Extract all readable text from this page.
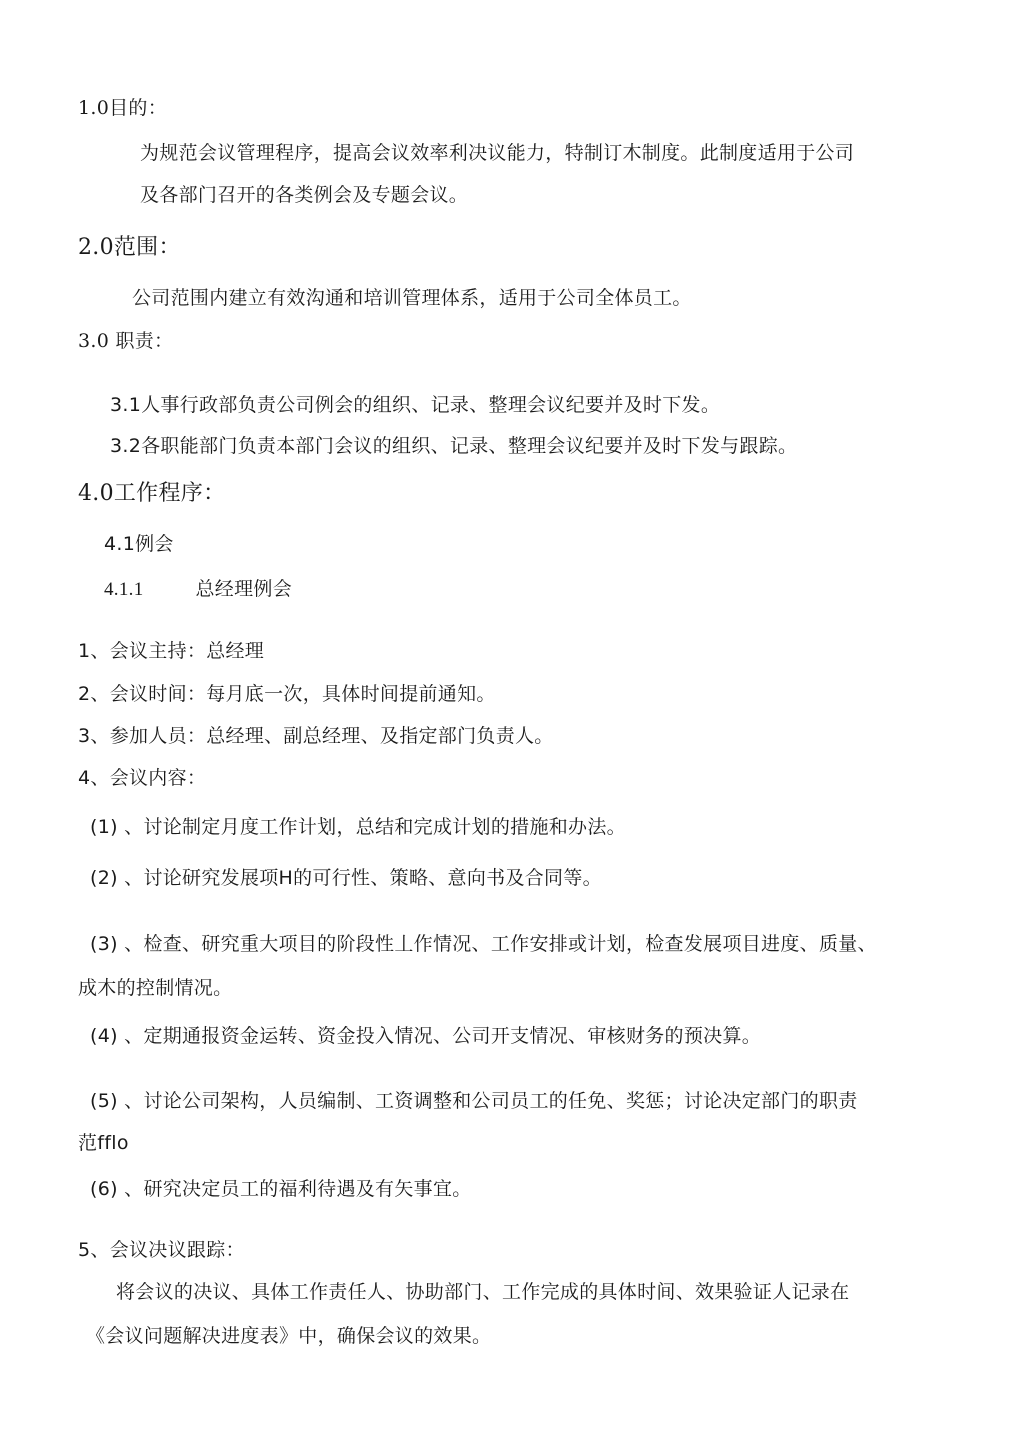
1.0目的：
为规范会议管理程序，提高会议效率利决议能力，特制订木制度。此制度适用于公司
及各部门召开的各类例会及专题会议。
2.0范围：
公司范围内建立有效沟通和培训管理体系，适用于公司全体员工。
3.0 职责：
3.1人事行政部负责公司例会的组织、记录、整理会议纪要并及时下发。
3.2各职能部门负责本部门会议的组织、记录、整理会议纪要并及时下发与跟踪。
4.0工作程序：
4.1例会
4.1.1	总经理例会
1、会议主持：总经理
2、会议时间：每月底一次，具体时间提前通知。
3、参加人员：总经理、副总经理、及指定部门负责人。
4、会议内容：
(1) 、讨论制定月度工作计划，总结和完成计划的措施和办法。
(2) 、讨论研究发展项H的可行性、策略、意向书及合同等。
(3) 、检查、研究重大项目的阶段性丄作情况、工作安排或计划，检查发展项目进度、质量、
成木的控制情况。
(4) 、定期通报资金运转、资金投入情况、公司开支情况、审核财务的预决算。
(5) 、讨论公司架构，人员编制、工资调整和公司员工的任免、奖惩；讨论决定部门的职责
范fflo
(6) 、研究决定员工的福利待遇及有矢事宜。
5、会议决议跟踪：
将会议的决议、具体工作责任人、协助部门、工作完成的具体时间、效果验证人记录在
《会议问题解决进度表》中，确保会议的效果。
